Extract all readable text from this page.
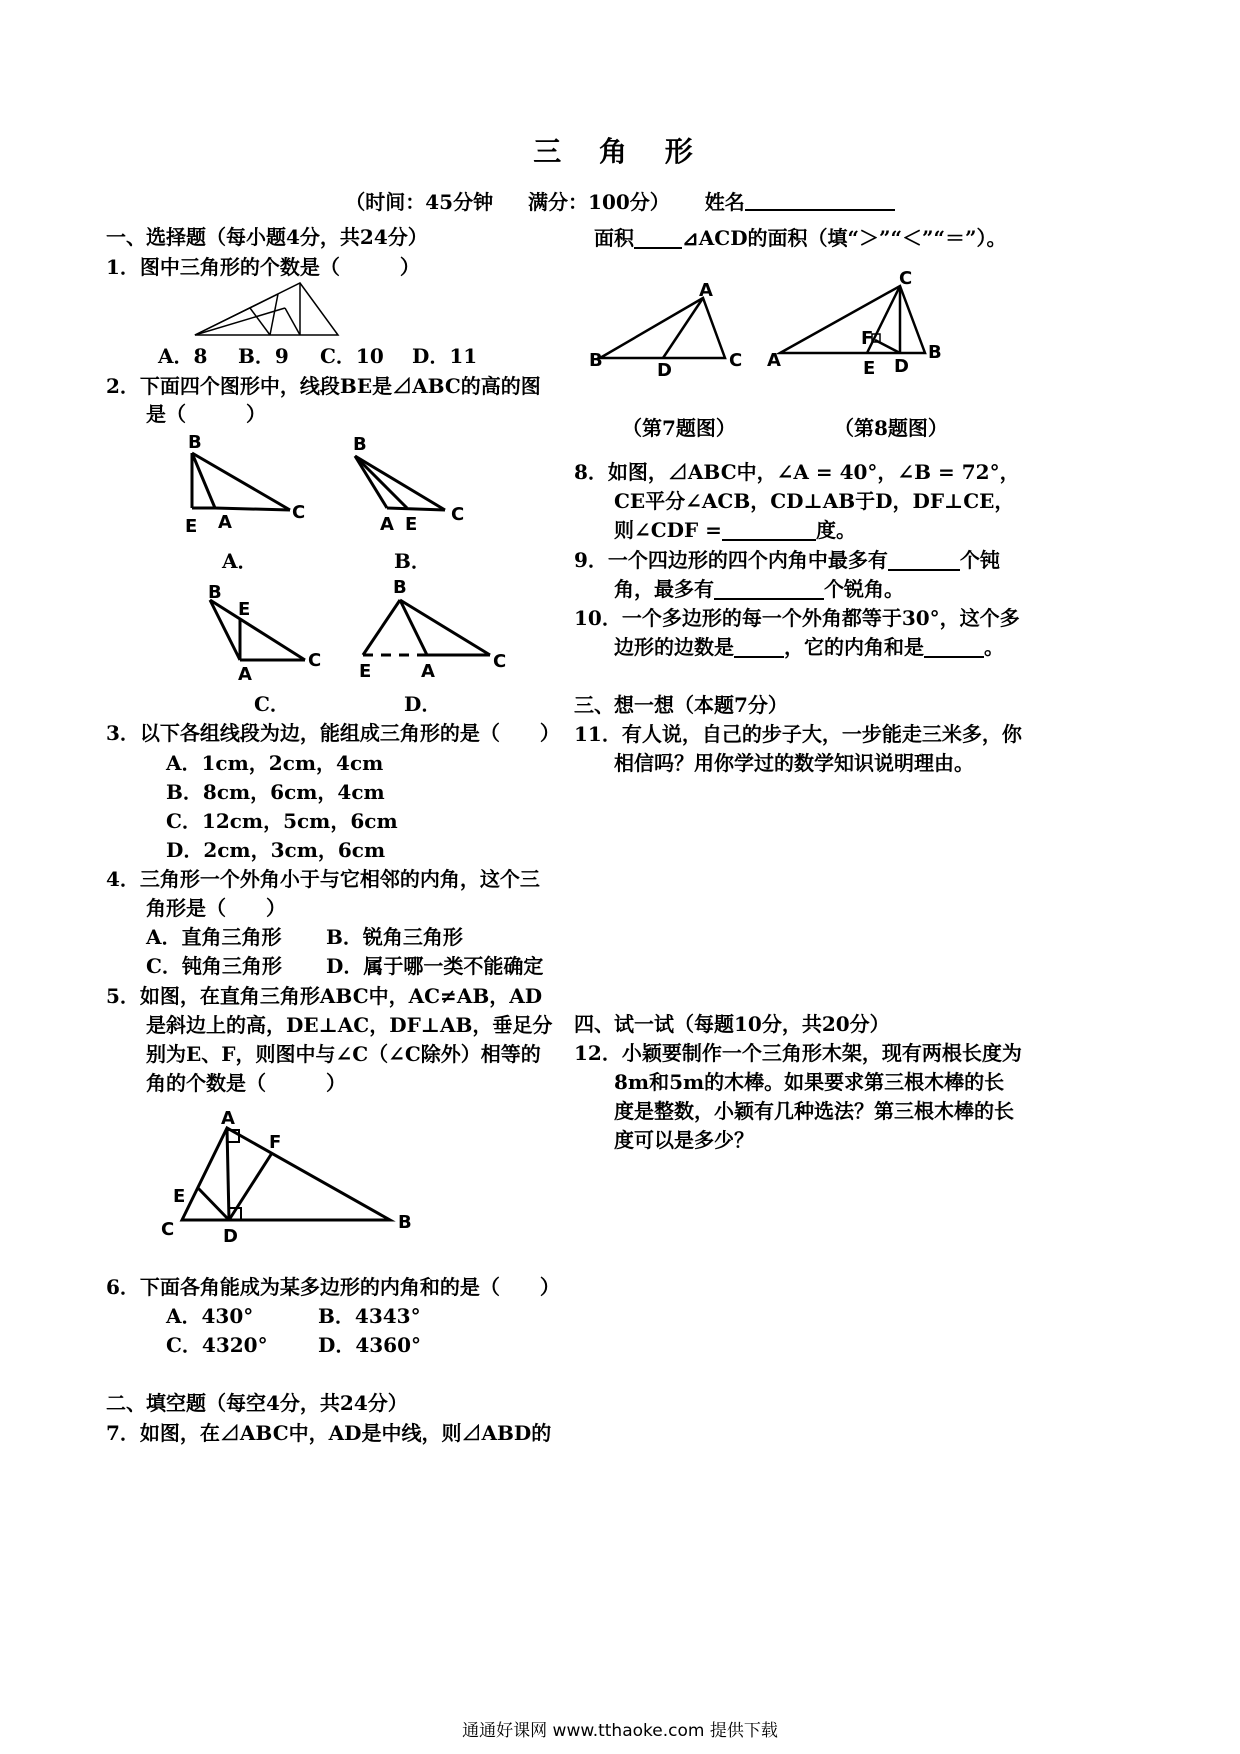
三 角 形
（时间：45分钟 满分：100分） 姓名
一、选择题（每小题4分，共24分）
1．图中三角形的个数是（　　　）
A．8 B．9 C．10 D．11
2．下面四个图形中，线段BE是⊿ABC的高的图
是（　　　）
B
E A	C
A．
B
A E C
B．
B
E
A
C
C．
B
E	A	C
D．
3．以下各组线段为边，能组成三角形的是（　　）
A．1cm，2cm，4cm
B．8cm，6cm，4cm
C．12cm，5cm，6cm
D．2cm，3cm，6cm
4．三角形一个外角小于与它相邻的内角，这个三
角形是（　　）
A．直角三角形 B．锐角三角形
C．钝角三角形 D．属于哪一类不能确定
5．如图，在直角三角形ABC中，AC≠AB，AD
是斜边上的高，DE⊥AC，DF⊥AB，垂足分
别为E、F，则图中与∠C（∠C除外）相等的
角的个数是（　　　）
A
F
E
C	D
B
6．下面各角能成为某多边形的内角和的是（　　）
A．430°	B．4343°
C．4320°	D．4360°
二、填空题（每空4分，共24分）
7．如图，在⊿ABC中，AD是中线，则⊿ABD的
面积 ⊿ACD的面积（填“＞”“＜”“＝”）。
A
B	D	C
C
F
A	E D
B
（第7题图）	（第8题图）
8．如图，⊿ABC中，∠A = 40°，∠B = 72°，
CE平分∠ACB，CD⊥AB于D，DF⊥CE，
则∠CDF =	度。
9．一个四边形的四个内角中最多有	个钝
角，最多有	个锐角。
10．一个多边形的每一个外角都等于30°，这个多
边形的边数是	，它的内角和是	。
三、想一想（本题7分）
11．有人说，自己的步子大，一步能走三米多，你
相信吗？用你学过的数学知识说明理由。
四、试一试（每题10分，共20分）
12．小颖要制作一个三角形木架，现有两根长度为
8m和5m的木棒。如果要求第三根木棒的长
度是整数，小颖有几种选法？第三根木棒的长
度可以是多少？
通通好课网 www.tthaoke.com 提供下载
